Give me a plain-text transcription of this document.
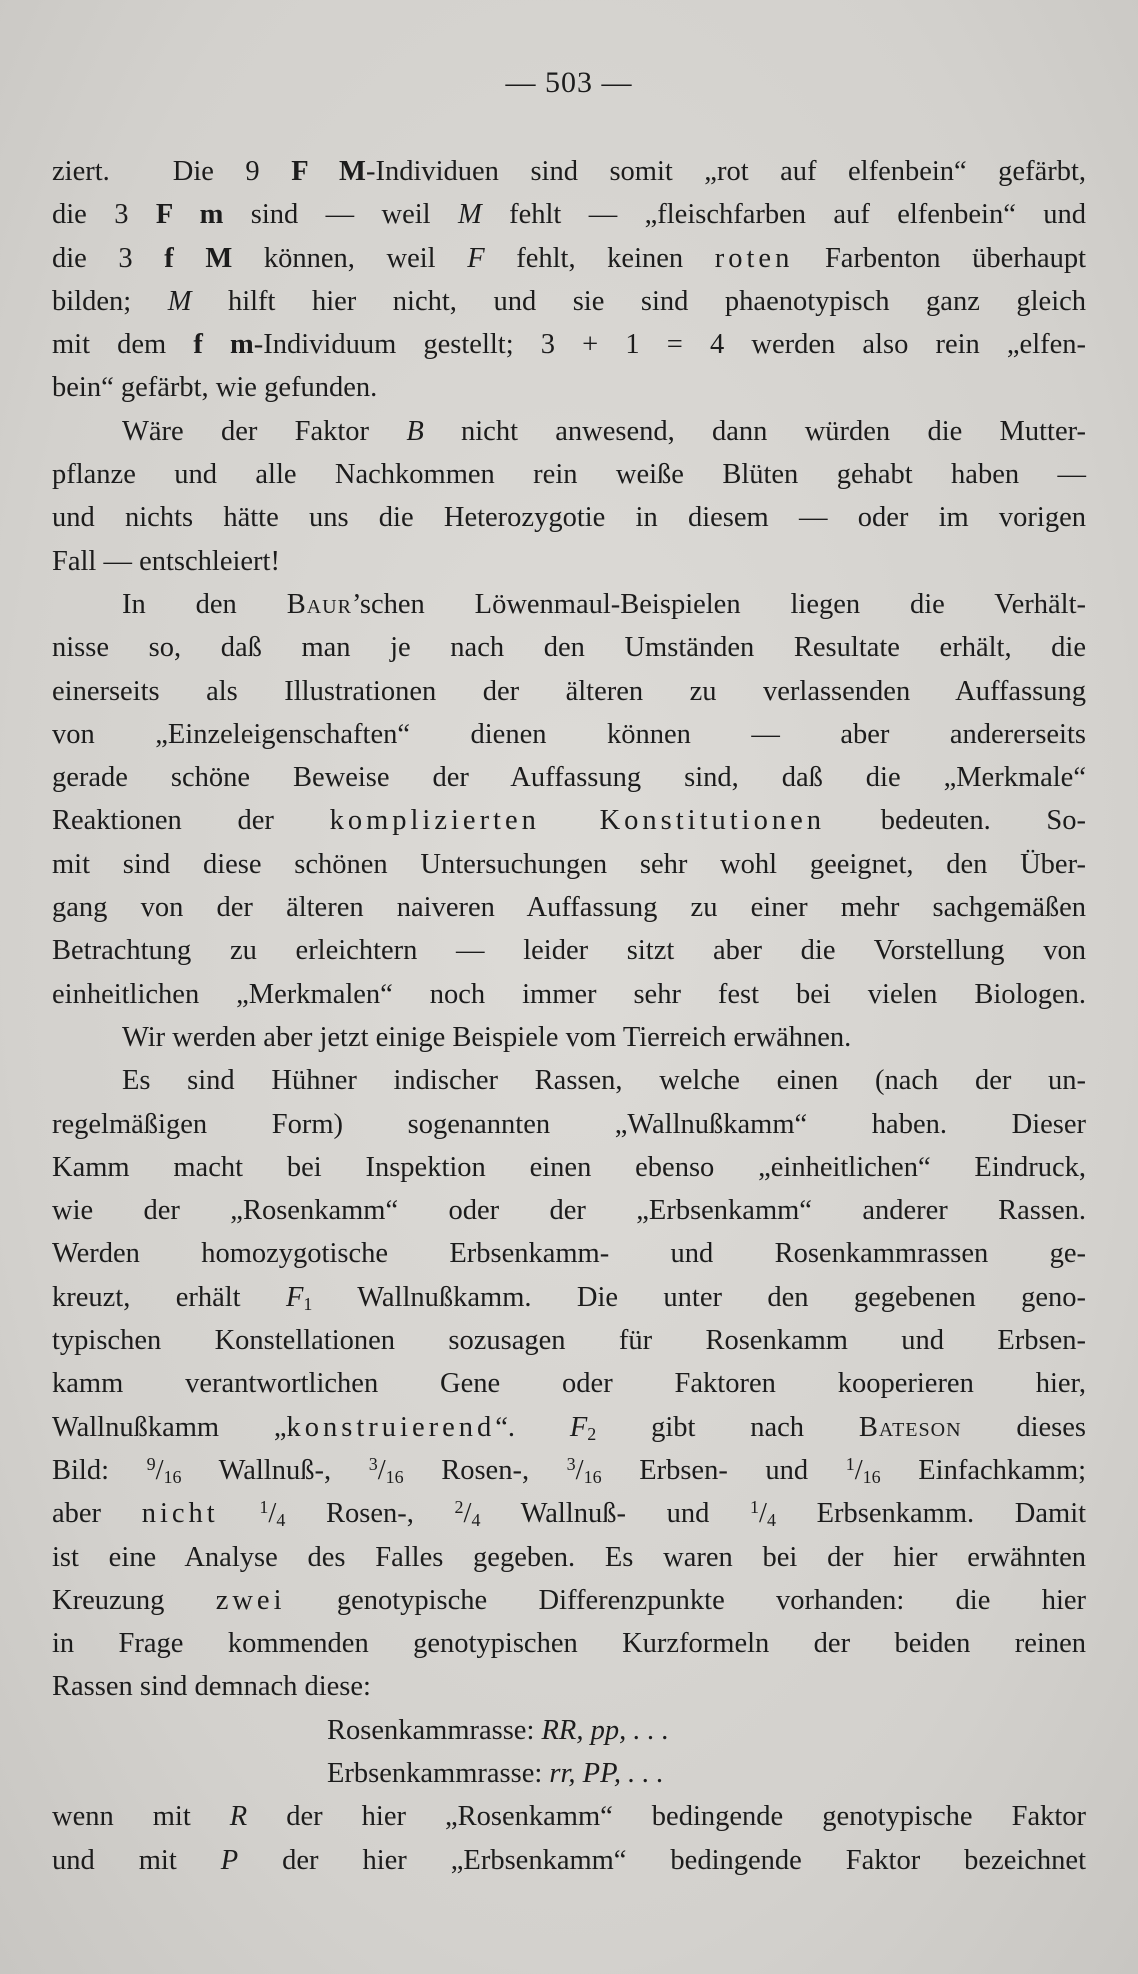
— 503 —
ziert. Die 9 F M-Individuen sind somit „rot auf elfenbein“ gefärbt,
die 3 F m sind — weil M fehlt — „fleischfarben auf elfenbein“ und
die 3 f M können, weil F fehlt, keinen roten Farbenton überhaupt
bilden; M hilft hier nicht, und sie sind phaenotypisch ganz gleich
mit dem f m-Individuum gestellt; 3 + 1 = 4 werden also rein „elfen-
bein“ gefärbt, wie gefunden.
Wäre der Faktor B nicht anwesend, dann würden die Mutter-
pflanze und alle Nachkommen rein weiße Blüten gehabt haben —
und nichts hätte uns die Heterozygotie in diesem — oder im vorigen
Fall — entschleiert!
In den Baur’schen Löwenmaul-Beispielen liegen die Verhält-
nisse so, daß man je nach den Umständen Resultate erhält, die
einerseits als Illustrationen der älteren zu verlassenden Auffassung
von „Einzeleigenschaften“ dienen können — aber andererseits
gerade schöne Beweise der Auffassung sind, daß die „Merkmale“
Reaktionen der komplizierten Konstitutionen bedeuten. So-
mit sind diese schönen Untersuchungen sehr wohl geeignet, den Über-
gang von der älteren naiveren Auffassung zu einer mehr sachgemäßen
Betrachtung zu erleichtern — leider sitzt aber die Vorstellung von
einheitlichen „Merkmalen“ noch immer sehr fest bei vielen Biologen.
Wir werden aber jetzt einige Beispiele vom Tierreich erwähnen.
Es sind Hühner indischer Rassen, welche einen (nach der un-
regelmäßigen Form) sogenannten „Wallnußkamm“ haben. Dieser
Kamm macht bei Inspektion einen ebenso „einheitlichen“ Eindruck,
wie der „Rosenkamm“ oder der „Erbsenkamm“ anderer Rassen.
Werden homozygotische Erbsenkamm- und Rosenkammrassen ge-
kreuzt, erhält $F_1$ Wallnußkamm. Die unter den gegebenen geno-
typischen Konstellationen sozusagen für Rosenkamm und Erbsen-
kamm verantwortlichen Gene oder Faktoren kooperieren hier,
Wallnußkamm „konstruierend“. $F_2$ gibt nach Bateson dieses
Bild: $^9/_{16}$ Wallnuß-, $^3/_{16}$ Rosen-, $^3/_{16}$ Erbsen- und $^1/_{16}$ Einfachkamm;
aber nicht $^1/_4$ Rosen-, $^2/_4$ Wallnuß- und $^1/_4$ Erbsenkamm. Damit
ist eine Analyse des Falles gegeben. Es waren bei der hier erwähnten
Kreuzung zwei genotypische Differenzpunkte vorhanden: die hier
in Frage kommenden genotypischen Kurzformeln der beiden reinen
Rassen sind demnach diese:
Rosenkammrasse: RR, pp, . . .
Erbsenkammrasse: rr, PP, . . .
wenn mit R der hier „Rosenkamm“ bedingende genotypische Faktor
und mit P der hier „Erbsenkamm“ bedingende Faktor bezeichnet
